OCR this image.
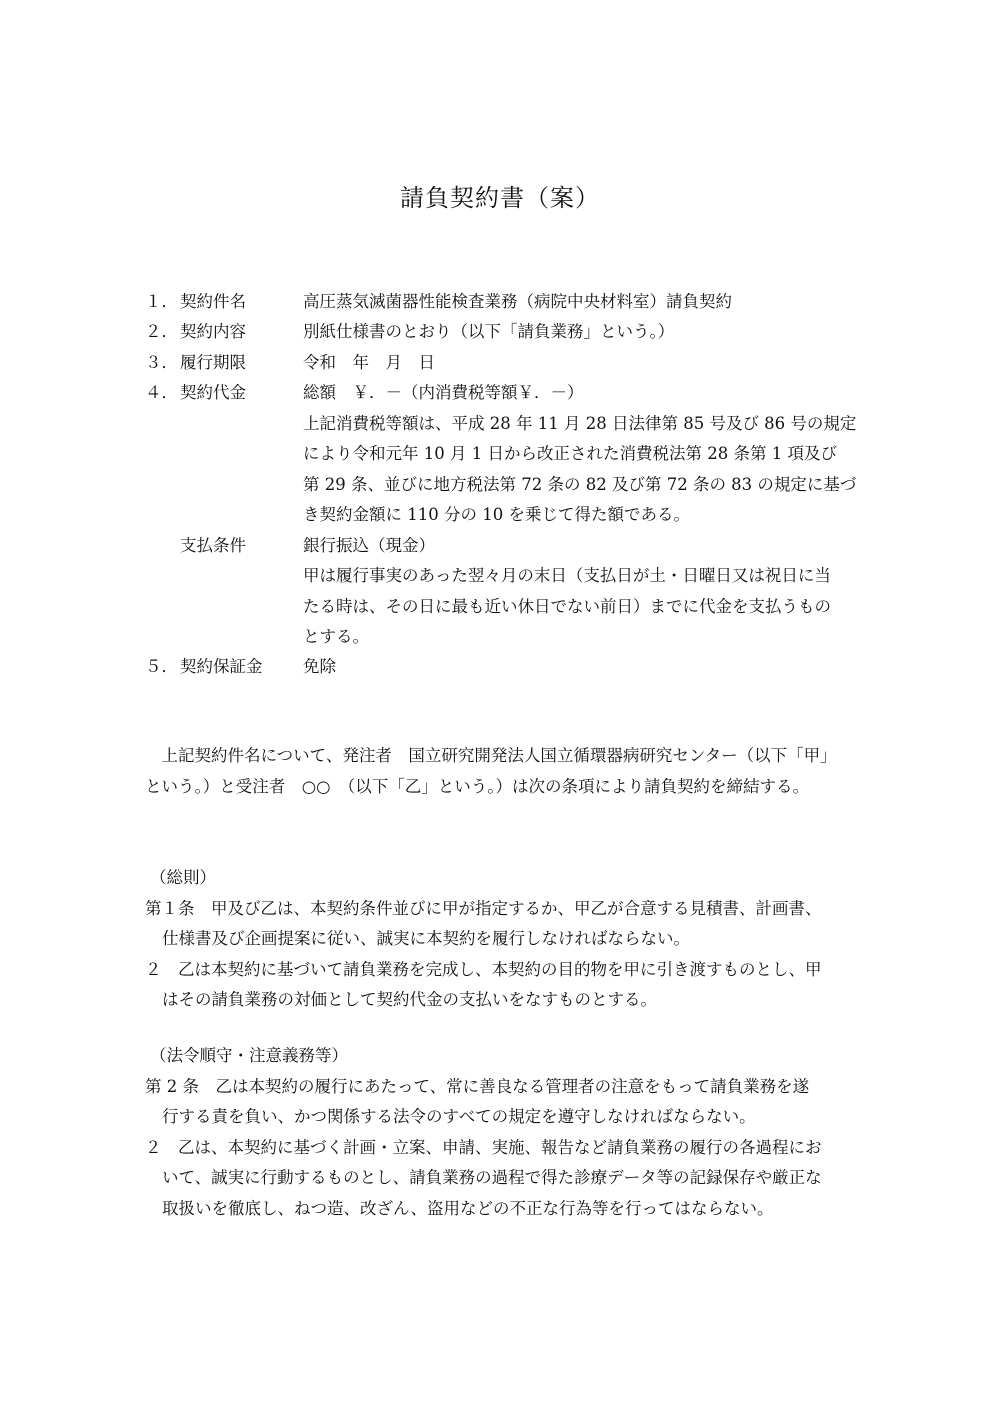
請負契約書（案）
１． 契約件名	高圧蒸気滅菌器性能検査業務（病院中央材料室）請負契約
２． 契約内容	別紙仕様書のとおり（以下「請負業務」という。）
３． 履行期限	令和　年　月　日
４． 契約代金	総額　￥．－（内消費税等額￥．－）
上記消費税等額は、平成 28 年 11 月 28 日法律第 85 号及び 86 号の規定
により令和元年 10 月 1 日から改正された消費税法第 28 条第 1 項及び
第 29 条、並びに地方税法第 72 条の 82 及び第 72 条の 83 の規定に基づ
き契約金額に 110 分の 10 を乗じて得た額である。
支払条件	銀行振込（現金）
甲は履行事実のあった翌々月の末日（支払日が土・日曜日又は祝日に当
たる時は、その日に最も近い休日でない前日）までに代金を支払うもの
とする。
５． 契約保証金 免除
　上記契約件名について、発注者　国立研究開発法人国立循環器病研究センター（以下「甲」
という。）と受注者　○○　（以下「乙」という。）は次の条項により請負契約を締結する。
（総則）
第１条　甲及び乙は、本契約条件並びに甲が指定するか、甲乙が合意する見積書、計画書、
仕様書及び企画提案に従い、誠実に本契約を履行しなければならない。
２　乙は本契約に基づいて請負業務を完成し、本契約の目的物を甲に引き渡すものとし、甲
はその請負業務の対価として契約代金の支払いをなすものとする。
（法令順守・注意義務等）
第 2 条　乙は本契約の履行にあたって、常に善良なる管理者の注意をもって請負業務を遂
行する責を負い、かつ関係する法令のすべての規定を遵守しなければならない。
２　乙は、本契約に基づく計画・立案、申請、実施、報告など請負業務の履行の各過程にお
いて、誠実に行動するものとし、請負業務の過程で得た診療データ等の記録保存や厳正な
取扱いを徹底し、ねつ造、改ざん、盗用などの不正な行為等を行ってはならない。
